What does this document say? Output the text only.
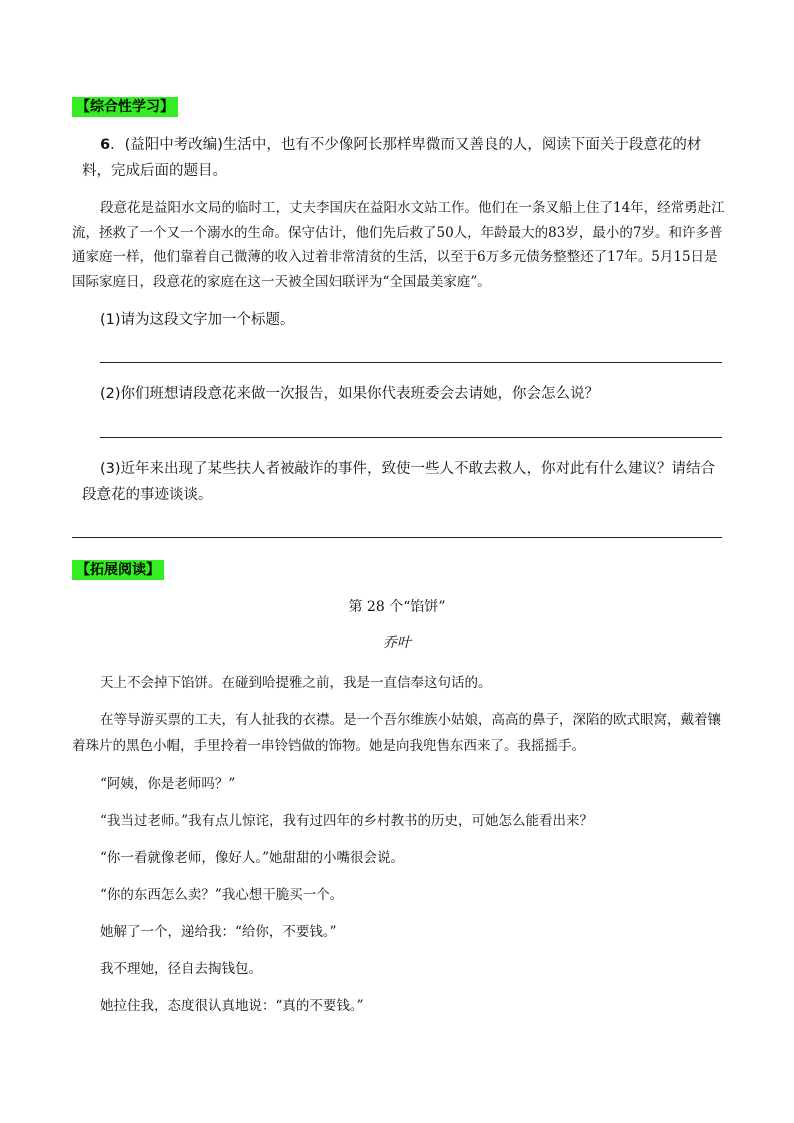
【综合性学习】
6．(益阳中考改编)生活中，也有不少像阿长那样卑微而又善良的人，阅读下面关于段意花的材料，完成后面的题目。
段意花是益阳水文局的临时工，丈夫李国庆在益阳水文站工作。他们在一条叉船上住了14年，经常勇赴江流，拯救了一个又一个溺水的生命。保守估计，他们先后救了50人，年龄最大的83岁，最小的7岁。和许多普通家庭一样，他们靠着自己微薄的收入过着非常清贫的生活，以至于6万多元债务整整还了17年。5月15日是国际家庭日，段意花的家庭在这一天被全国妇联评为“全国最美家庭”。
(1)请为这段文字加一个标题。
(2)你们班想请段意花来做一次报告，如果你代表班委会去请她，你会怎么说？
(3)近年来出现了某些扶人者被敲诈的事件，致使一些人不敢去救人，你对此有什么建议？请结合段意花的事迹谈谈。
【拓展阅读】
第 28 个“馅饼”
乔叶
天上不会掉下馅饼。在碰到哈提雅之前，我是一直信奉这句话的。
在等导游买票的工夫，有人扯我的衣襟。是一个吾尔维族小姑娘，高高的鼻子，深陷的欧式眼窝，戴着镶着珠片的黑色小帽，手里拎着一串铃铛做的饰物。她是向我兜售东西来了。我摇摇手。
“阿姨，你是老师吗？”
“我当过老师。”我有点儿惊诧，我有过四年的乡村教书的历史，可她怎么能看出来？
“你一看就像老师，像好人。”她甜甜的小嘴很会说。
“你的东西怎么卖？”我心想干脆买一个。
她解了一个，递给我：“给你，不要钱。”
我不理她，径自去掏钱包。
她拉住我，态度很认真地说：“真的不要钱。”
